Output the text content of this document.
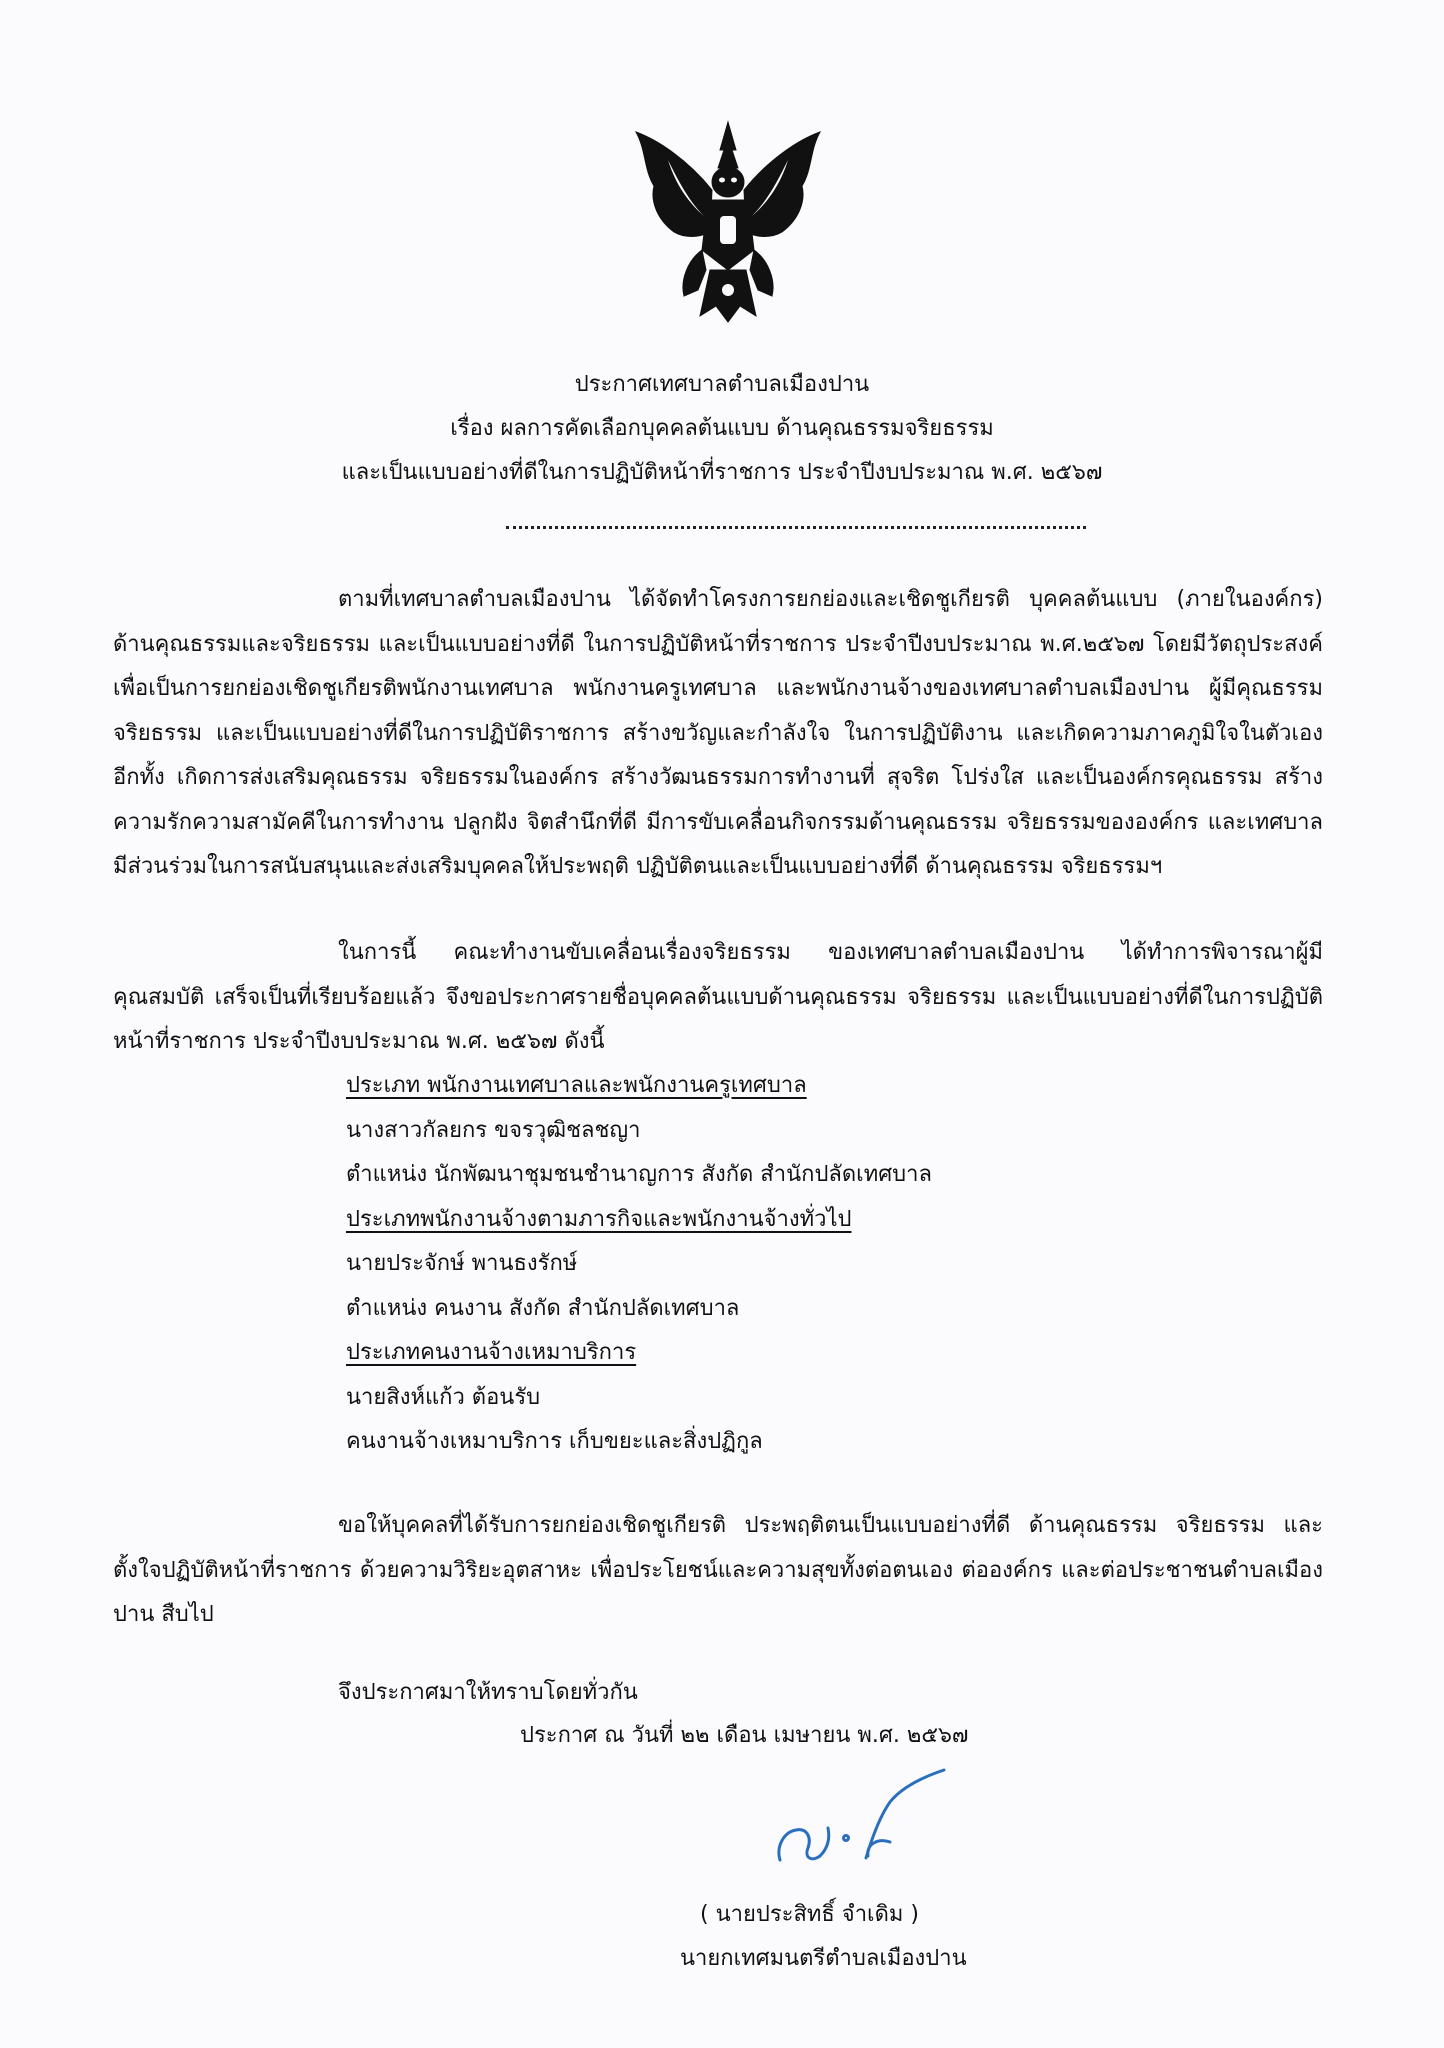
ประกาศเทศบาลตำบลเมืองปาน
เรื่อง ผลการคัดเลือกบุคคลต้นแบบ ด้านคุณธรรมจริยธรรม
และเป็นแบบอย่างที่ดีในการปฏิบัติหน้าที่ราชการ ประจำปีงบประมาณ พ.ศ. ๒๕๖๗
ตามที่เทศบาลตำบลเมืองปาน ได้จัดทำโครงการยกย่องและเชิดชูเกียรติ บุคคลต้นแบบ (ภายในองค์กร) ด้านคุณธรรมและจริยธรรม และเป็นแบบอย่างที่ดี ในการปฏิบัติหน้าที่ราชการ ประจำปีงบประมาณ พ.ศ.๒๕๖๗ โดยมีวัตถุประสงค์ เพื่อเป็นการยกย่องเชิดชูเกียรติพนักงานเทศบาล พนักงานครูเทศบาล และพนักงานจ้างของเทศบาลตำบลเมืองปาน ผู้มีคุณธรรมจริยธรรม และเป็นแบบอย่างที่ดีในการปฏิบัติราชการ สร้างขวัญและกำลังใจ ในการปฏิบัติงาน และเกิดความภาคภูมิใจในตัวเอง อีกทั้ง เกิดการส่งเสริมคุณธรรม จริยธรรมในองค์กร สร้างวัฒนธรรมการทำงานที่ สุจริต โปร่งใส และเป็นองค์กรคุณธรรม สร้างความรักความสามัคคีในการทำงาน ปลูกฝัง จิตสำนึกที่ดี มีการขับเคลื่อนกิจกรรมด้านคุณธรรม จริยธรรมขององค์กร และเทศบาลมีส่วนร่วมในการสนับสนุนและส่งเสริมบุคคลให้ประพฤติ ปฏิบัติตนและเป็นแบบอย่างที่ดี ด้านคุณธรรม จริยธรรมฯ
ในการนี้ คณะทำงานขับเคลื่อนเรื่องจริยธรรม ของเทศบาลตำบลเมืองปาน ได้ทำการพิจารณาผู้มีคุณสมบัติ เสร็จเป็นที่เรียบร้อยแล้ว จึงขอประกาศรายชื่อบุคคลต้นแบบด้านคุณธรรม จริยธรรม และเป็นแบบอย่างที่ดีในการปฏิบัติหน้าที่ราชการ ประจำปีงบประมาณ พ.ศ. ๒๕๖๗ ดังนี้
ประเภท พนักงานเทศบาลและพนักงานครูเทศบาล
นางสาวกัลยกร ขจรวุฒิชลชญา
ตำแหน่ง นักพัฒนาชุมชนชำนาญการ สังกัด สำนักปลัดเทศบาล
ประเภทพนักงานจ้างตามภารกิจและพนักงานจ้างทั่วไป
นายประจักษ์ พานธงรักษ์
ตำแหน่ง คนงาน สังกัด สำนักปลัดเทศบาล
ประเภทคนงานจ้างเหมาบริการ
นายสิงห์แก้ว ต้อนรับ
คนงานจ้างเหมาบริการ เก็บขยะและสิ่งปฏิกูล
ขอให้บุคคลที่ได้รับการยกย่องเชิดชูเกียรติ ประพฤติตนเป็นแบบอย่างที่ดี ด้านคุณธรรม จริยธรรม และตั้งใจปฏิบัติหน้าที่ราชการ ด้วยความวิริยะอุตสาหะ เพื่อประโยชน์และความสุขทั้งต่อตนเอง ต่อองค์กร และต่อประชาชนตำบลเมืองปาน สืบไป
จึงประกาศมาให้ทราบโดยทั่วกัน
ประกาศ ณ วันที่ ๒๒ เดือน เมษายน พ.ศ. ๒๕๖๗
( นายประสิทธิ์ จำเดิม )
นายกเทศมนตรีตำบลเมืองปาน
